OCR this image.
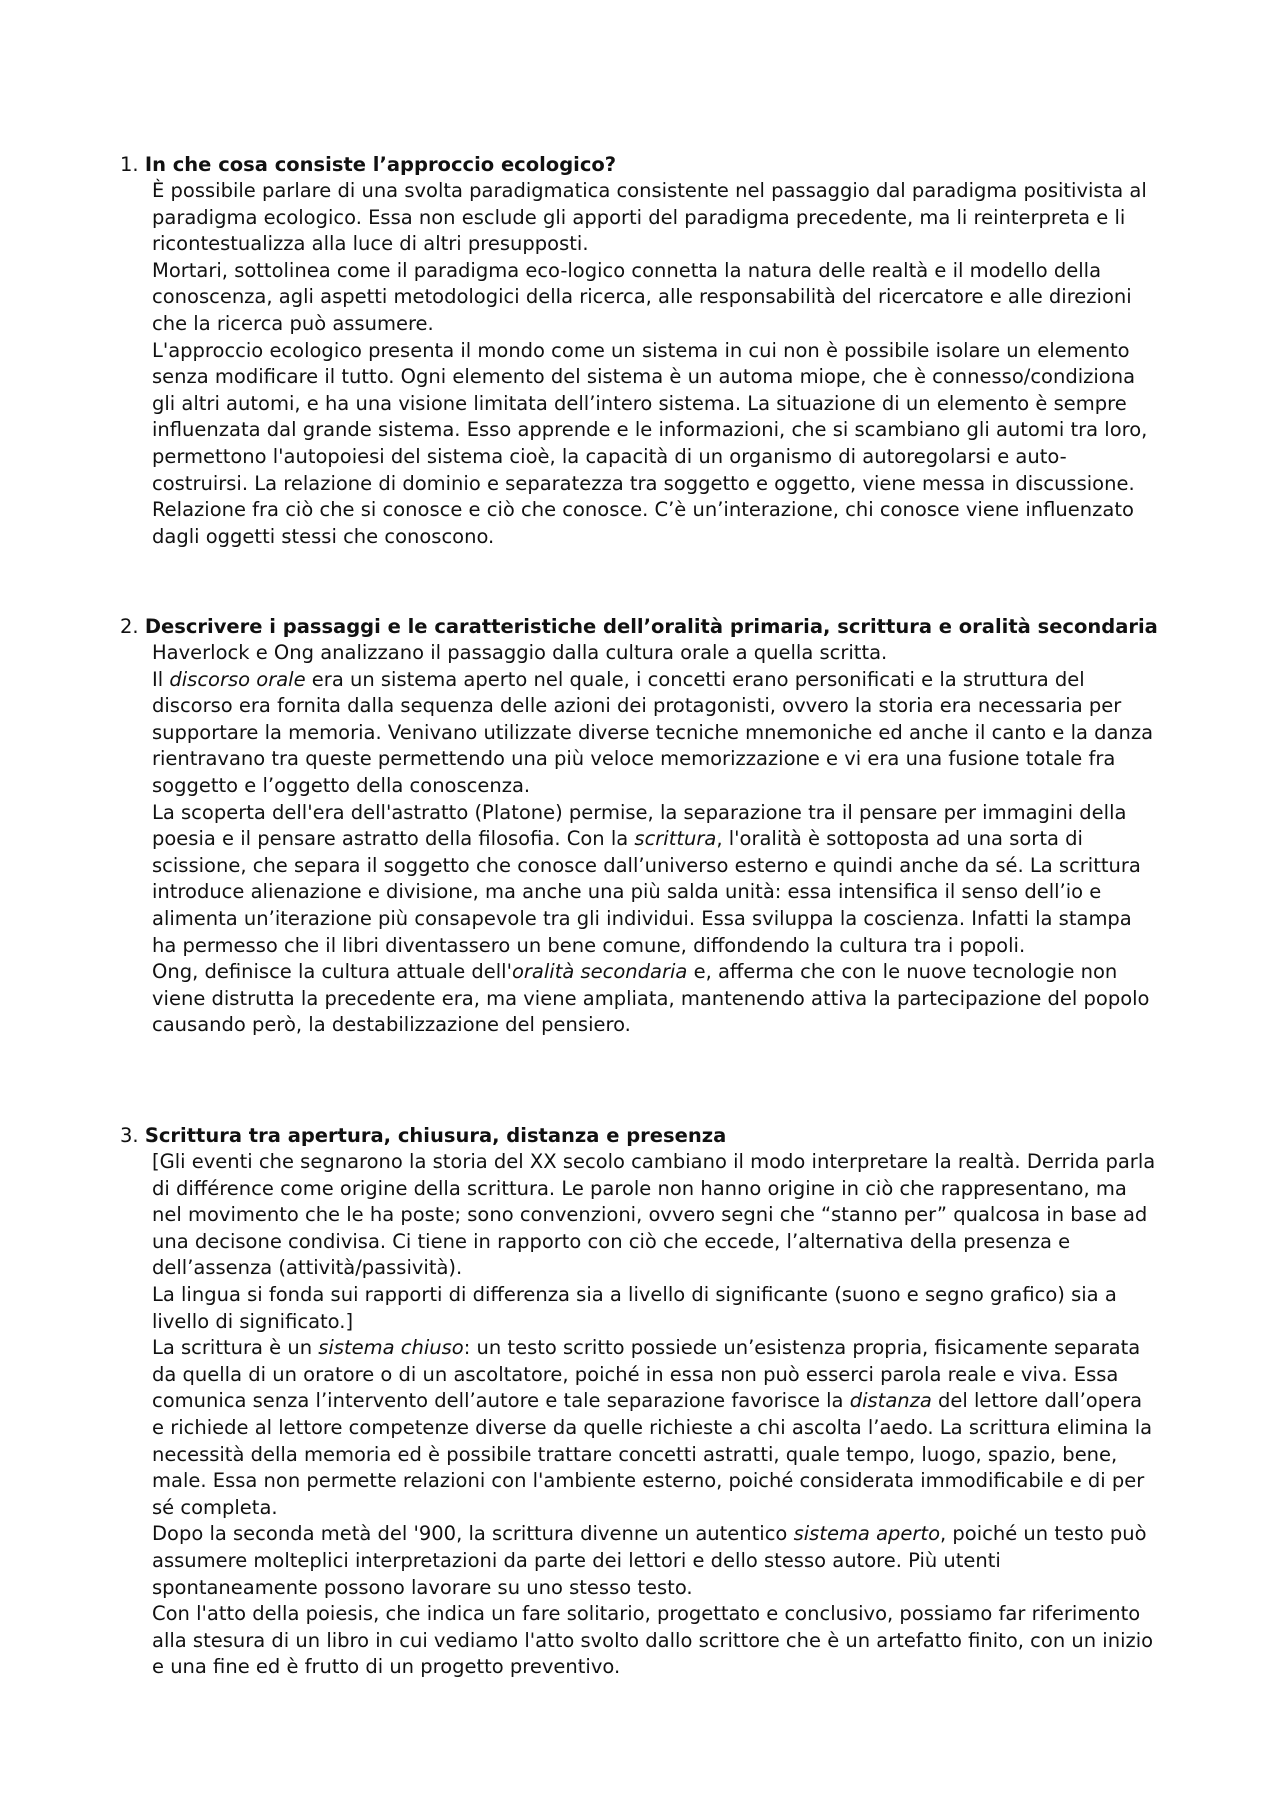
1. In che cosa consiste l’approccio ecologico?

È possibile parlare di una svolta paradigmatica consistente nel passaggio dal paradigma positivista al paradigma ecologico. Essa non esclude gli apporti del paradigma precedente, ma li reinterpreta e li ricontestualizza alla luce di altri presupposti.

Mortari, sottolinea come il paradigma eco-logico connetta la natura delle realtà e il modello della conoscenza, agli aspetti metodologici della ricerca, alle responsabilità del ricercatore e alle direzioni che la ricerca può assumere.

L'approccio ecologico presenta il mondo come un sistema in cui non è possibile isolare un elemento senza modificare il tutto. Ogni elemento del sistema è un automa miope, che è connesso/condiziona gli altri automi, e ha una visione limitata dell’intero sistema. La situazione di un elemento è sempre influenzata dal grande sistema. Esso apprende e le informazioni, che si scambiano gli automi tra loro, permettono l'autopoiesi del sistema cioè, la capacità di un organismo di autoregolarsi e auto-costruirsi. La relazione di dominio e separatezza tra soggetto e oggetto, viene messa in discussione. Relazione fra ciò che si conosce e ciò che conosce. C’è un’interazione, chi conosce viene influenzato dagli oggetti stessi che conoscono.

2. Descrivere i passaggi e le caratteristiche dell’oralità primaria, scrittura e oralità secondaria

Haverlock e Ong analizzano il passaggio dalla cultura orale a quella scritta.

Il discorso orale era un sistema aperto nel quale, i concetti erano personificati e la struttura del discorso era fornita dalla sequenza delle azioni dei protagonisti, ovvero la storia era necessaria per supportare la memoria. Venivano utilizzate diverse tecniche mnemoniche ed anche il canto e la danza rientravano tra queste permettendo una più veloce memorizzazione e vi era una fusione totale fra soggetto e l’oggetto della conoscenza.

La scoperta dell'era dell'astratto (Platone) permise, la separazione tra il pensare per immagini della poesia e il pensare astratto della filosofia. Con la scrittura, l'oralità è sottoposta ad una sorta di scissione, che separa il soggetto che conosce dall’universo esterno e quindi anche da sé. La scrittura introduce alienazione e divisione, ma anche una più salda unità: essa intensifica il senso dell’io e alimenta un’iterazione più consapevole tra gli individui. Essa sviluppa la coscienza. Infatti la stampa ha permesso che il libri diventassero un bene comune, diffondendo la cultura tra i popoli.

Ong, definisce la cultura attuale dell'oralità secondaria e, afferma che con le nuove tecnologie non viene distrutta la precedente era, ma viene ampliata, mantenendo attiva la partecipazione del popolo causando però, la destabilizzazione del pensiero.

3. Scrittura tra apertura, chiusura, distanza e presenza

[Gli eventi che segnarono la storia del XX secolo cambiano il modo interpretare la realtà. Derrida parla di différence come origine della scrittura. Le parole non hanno origine in ciò che rappresentano, ma nel movimento che le ha poste; sono convenzioni, ovvero segni che “stanno per” qualcosa in base ad una decisone condivisa. Ci tiene in rapporto con ciò che eccede, l’alternativa della presenza e dell’assenza (attività/passività).

La lingua si fonda sui rapporti di differenza sia a livello di significante (suono e segno grafico) sia a livello di significato.]

La scrittura è un sistema chiuso: un testo scritto possiede un’esistenza propria, fisicamente separata da quella di un oratore o di un ascoltatore, poiché in essa non può esserci parola reale e viva. Essa comunica senza l’intervento dell’autore e tale separazione favorisce la distanza del lettore dall’opera e richiede al lettore competenze diverse da quelle richieste a chi ascolta l’aedo. La scrittura elimina la necessità della memoria ed è possibile trattare concetti astratti, quale tempo, luogo, spazio, bene, male. Essa non permette relazioni con l'ambiente esterno, poiché considerata immodificabile e di per sé completa.

Dopo la seconda metà del '900, la scrittura divenne un autentico sistema aperto, poiché un testo può assumere molteplici interpretazioni da parte dei lettori e dello stesso autore. Più utenti spontaneamente possono lavorare su uno stesso testo.

Con l'atto della poiesis, che indica un fare solitario, progettato e conclusivo, possiamo far riferimento alla stesura di un libro in cui vediamo l'atto svolto dallo scrittore che è un artefatto finito, con un inizio e una fine ed è frutto di un progetto preventivo.
